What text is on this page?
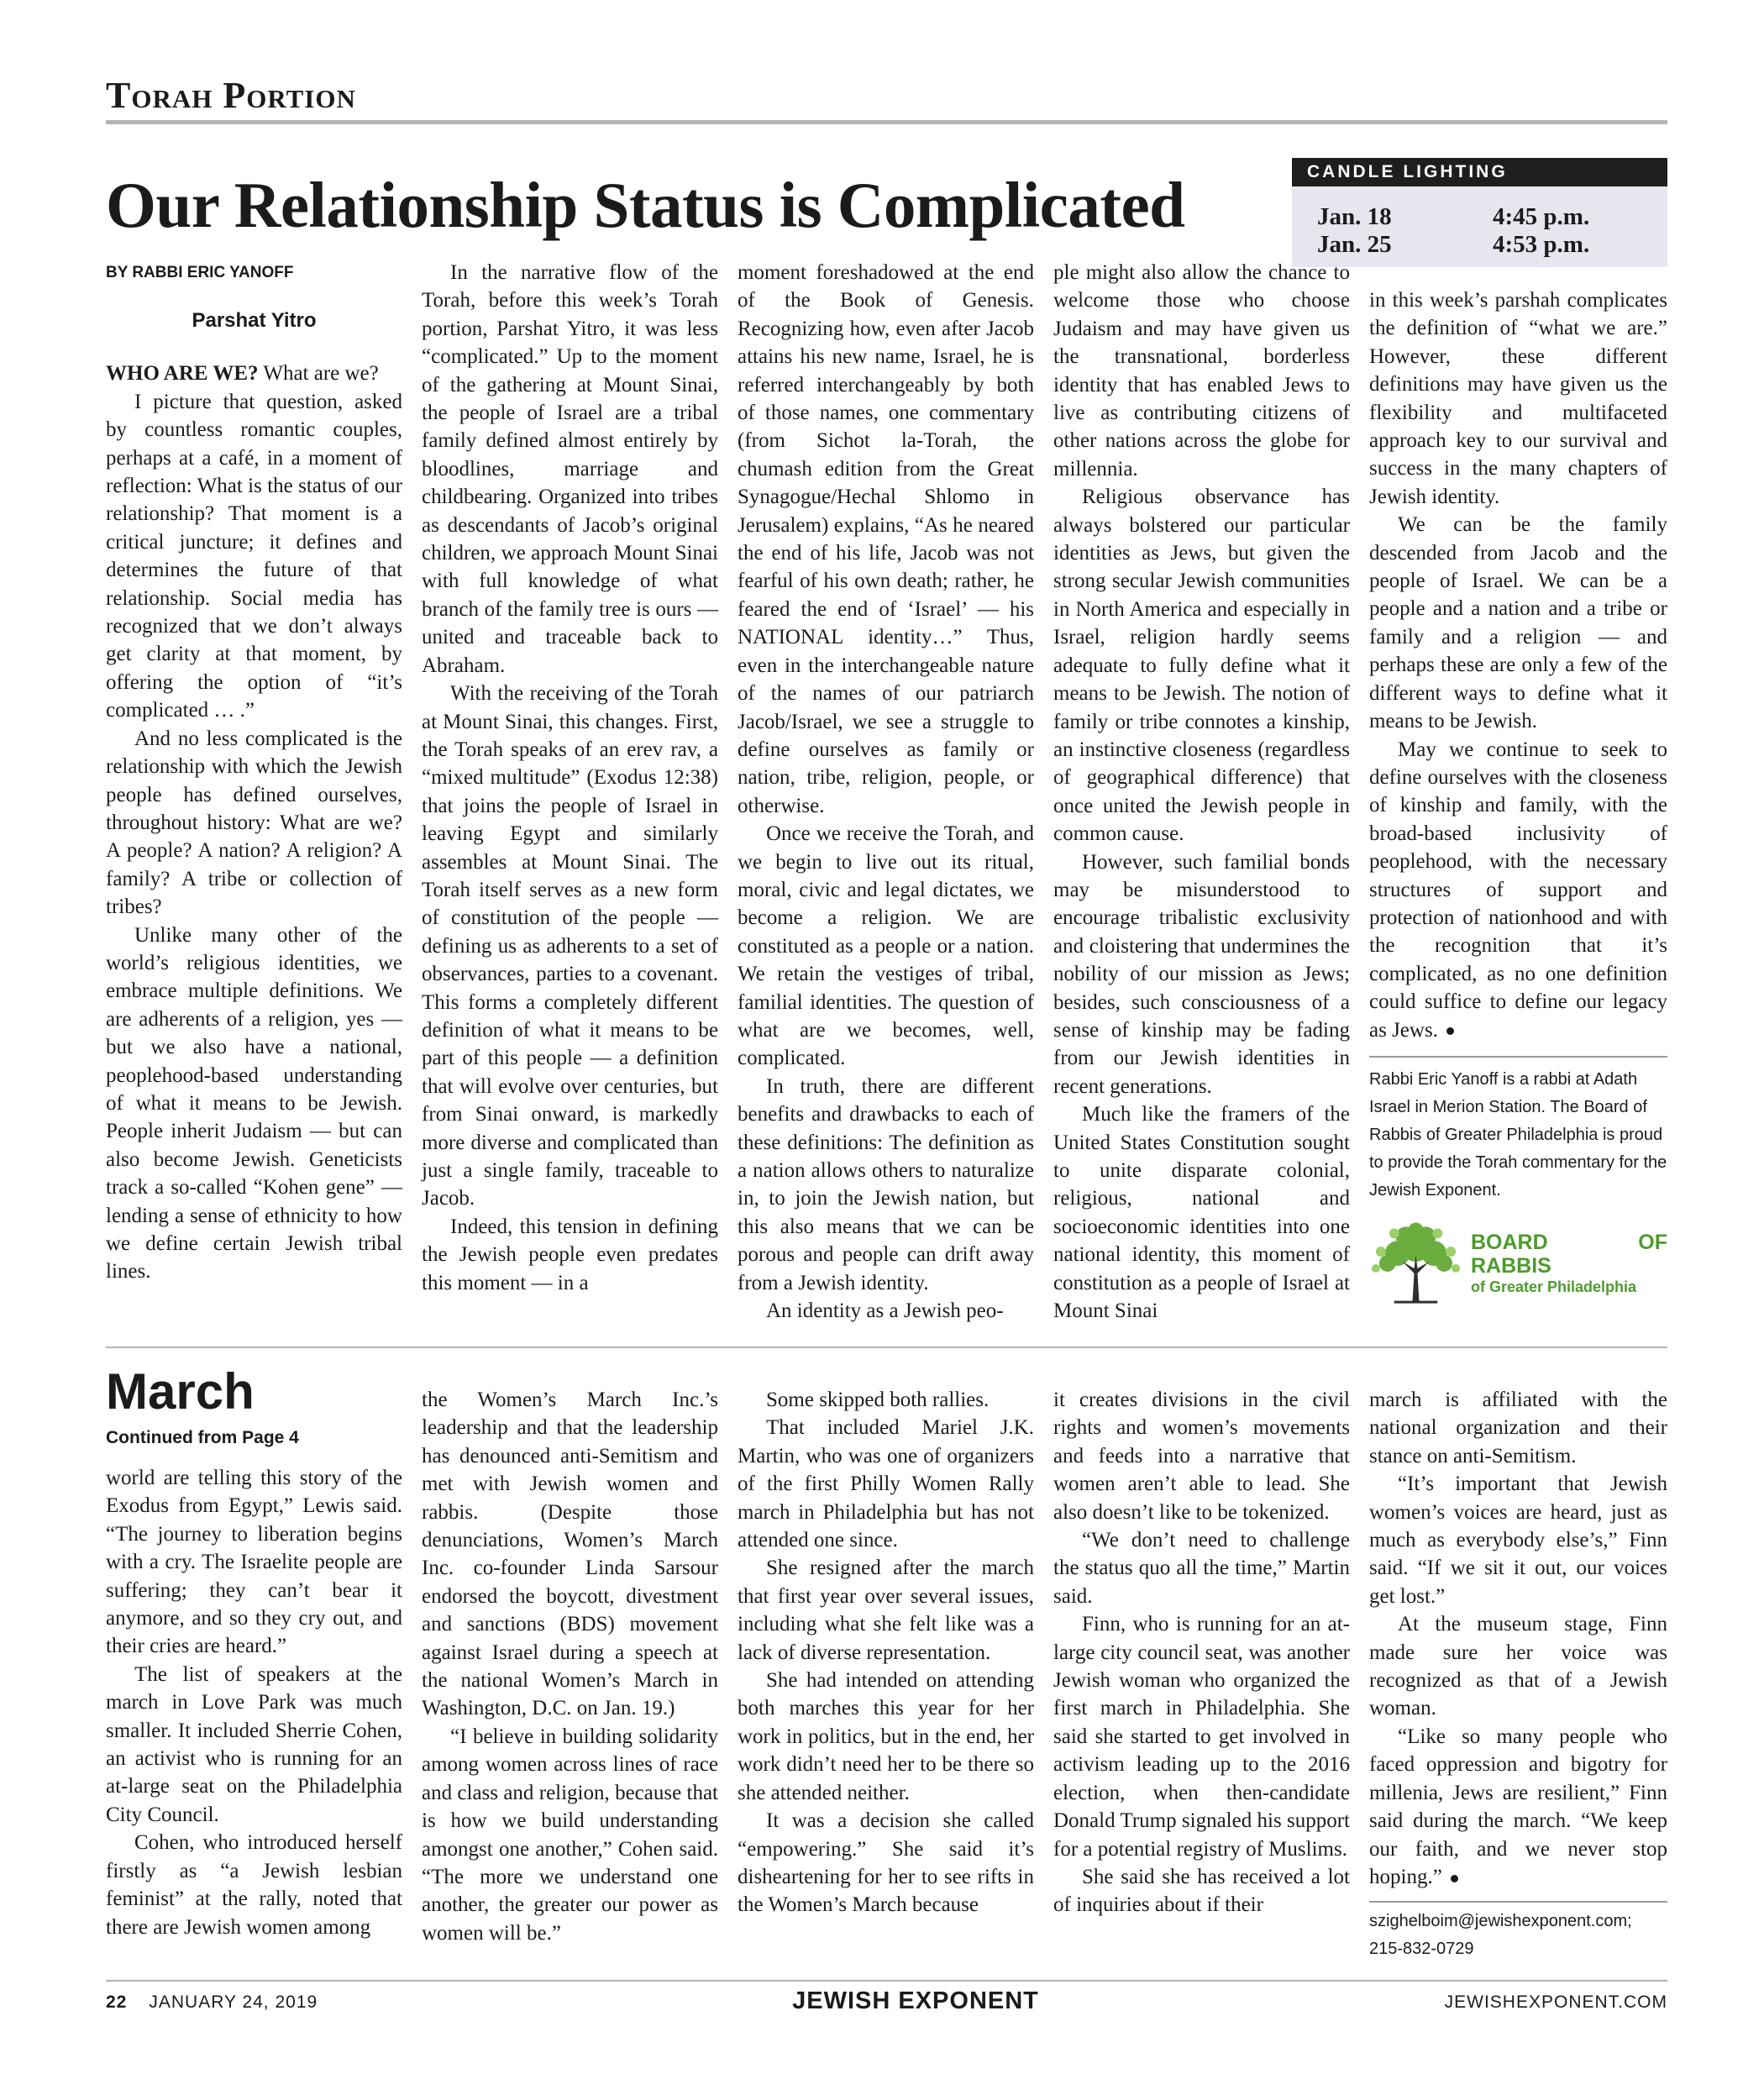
Torah Portion
Our Relationship Status is Complicated	CANDLE LIGHTING
Jan. 18	4:45 p.m.
Jan. 25	4:53 p.m.
BY RABBI ERIC YANOFF
Parshat Yitro

WHO ARE WE? What are we?

I picture that question, asked by countless romantic couples, perhaps at a café, in a moment of reflection: What is the status of our relationship? That moment is a critical juncture; it defines and determines the future of that relationship. Social media has recognized that we don’t always get clarity at that moment, by offering the option of “it’s complicated … .”

And no less complicated is the relationship with which the Jewish people has defined ourselves, throughout history: What are we? A people? A nation? A religion? A family? A tribe or collection of tribes?

Unlike many other of the world’s religious identities, we embrace multiple definitions. We are adherents of a religion, yes — but we also have a national, peoplehood-based understanding of what it means to be Jewish. People inherit Judaism — but can also become Jewish. Geneticists track a so-called “Kohen gene” — lending a sense of ethnicity to how we define certain Jewish tribal lines.

In the narrative flow of the Torah, before this week’s Torah portion, Parshat Yitro, it was less “complicated.” Up to the moment of the gathering at Mount Sinai, the people of Israel are a tribal family defined almost entirely by bloodlines, marriage and childbearing. Organized into tribes as descendants of Jacob’s original children, we approach Mount Sinai with full knowledge of what branch of the family tree is ours — united and traceable back to Abraham.

With the receiving of the Torah at Mount Sinai, this changes. First, the Torah speaks of an erev rav, a “mixed multitude” (Exodus 12:38) that joins the people of Israel in leaving Egypt and similarly assembles at Mount Sinai. The Torah itself serves as a new form of constitution of the people — defining us as adherents to a set of observances, parties to a covenant. This forms a completely different definition of what it means to be part of this people — a definition that will evolve over centuries, but from Sinai onward, is markedly more diverse and complicated than just a single family, traceable to Jacob.

Indeed, this tension in defining the Jewish people even predates this moment — in a

moment foreshadowed at the end of the Book of Genesis. Recognizing how, even after Jacob attains his new name, Israel, he is referred interchangeably by both of those names, one commentary (from Sichot la-Torah, the chumash edition from the Great Synagogue/Hechal Shlomo in Jerusalem) explains, “As he neared the end of his life, Jacob was not fearful of his own death; rather, he feared the end of ‘Israel’ — his NATIONAL identity…” Thus, even in the interchangeable nature of the names of our patriarch Jacob/Israel, we see a struggle to define ourselves as family or nation, tribe, religion, people, or otherwise.

Once we receive the Torah, and we begin to live out its ritual, moral, civic and legal dictates, we become a religion. We are constituted as a people or a nation. We retain the vestiges of tribal, familial identities. The question of what are we becomes, well, complicated.

In truth, there are different benefits and drawbacks to each of these definitions: The definition as a nation allows others to naturalize in, to join the Jewish nation, but this also means that we can be porous and people can drift away from a Jewish identity.

An identity as a Jewish peo-

ple might also allow the chance to welcome those who choose Judaism and may have given us the transnational, borderless identity that has enabled Jews to live as contributing citizens of other nations across the globe for millennia.

Religious observance has always bolstered our particular identities as Jews, but given the strong secular Jewish communities in North America and especially in Israel, religion hardly seems adequate to fully define what it means to be Jewish. The notion of family or tribe connotes a kinship, an instinctive closeness (regardless of geographical difference) that once united the Jewish people in common cause.

However, such familial bonds may be misunderstood to encourage tribalistic exclusivity and cloistering that undermines the nobility of our mission as Jews; besides, such consciousness of a sense of kinship may be fading from our Jewish identities in recent generations.

Much like the framers of the United States Constitution sought to unite disparate colonial, religious, national and socioeconomic identities into one national identity, this moment of constitution as a people of Israel at Mount Sinai

in this week’s parshah complicates the definition of “what we are.” However, these different definitions may have given us the flexibility and multifaceted approach key to our survival and success in the many chapters of Jewish identity.

We can be the family descended from Jacob and the people of Israel. We can be a people and a nation and a tribe or family and a religion — and perhaps these are only a few of the different ways to define what it means to be Jewish.

May we continue to seek to define ourselves with the closeness of kinship and family, with the broad-based inclusivity of peoplehood, with the necessary structures of support and protection of nationhood and with the recognition that it’s complicated, as no one definition could suffice to define our legacy as Jews.

Rabbi Eric Yanoff is a rabbi at Adath Israel in Merion Station. The Board of Rabbis of Greater Philadelphia is proud to provide the Torah commentary for the Jewish Exponent.
BOARD OF RABBIS
of Greater Philadelphia
March
Continued from Page 4

world are telling this story of the Exodus from Egypt,” Lewis said. “The journey to liberation begins with a cry. The Israelite people are suffering; they can’t bear it anymore, and so they cry out, and their cries are heard.”

The list of speakers at the march in Love Park was much smaller. It included Sherrie Cohen, an activist who is running for an at-large seat on the Philadelphia City Council.

Cohen, who introduced herself firstly as “a Jewish lesbian feminist” at the rally, noted that there are Jewish women among

the Women’s March Inc.’s leadership and that the leadership has denounced anti-Semitism and met with Jewish women and rabbis. (Despite those denunciations, Women’s March Inc. co-founder Linda Sarsour endorsed the boycott, divestment and sanctions (BDS) movement against Israel during a speech at the national Women’s March in Washington, D.C. on Jan. 19.)

“I believe in building solidarity among women across lines of race and class and religion, because that is how we build understanding amongst one another,” Cohen said. “The more we understand one another, the greater our power as women will be.”

Some skipped both rallies.

That included Mariel J.K. Martin, who was one of organizers of the first Philly Women Rally march in Philadelphia but has not attended one since.

She resigned after the march that first year over several issues, including what she felt like was a lack of diverse representation.

She had intended on attending both marches this year for her work in politics, but in the end, her work didn’t need her to be there so she attended neither.

It was a decision she called “empowering.” She said it’s disheartening for her to see rifts in the Women’s March because

it creates divisions in the civil rights and women’s movements and feeds into a narrative that women aren’t able to lead. She also doesn’t like to be tokenized.

“We don’t need to challenge the status quo all the time,” Martin said.

Finn, who is running for an at-large city council seat, was another Jewish woman who organized the first march in Philadelphia. She said she started to get involved in activism leading up to the 2016 election, when then-candidate Donald Trump signaled his support for a potential registry of Muslims.

She said she has received a lot of inquiries about if their

march is affiliated with the national organization and their stance on anti-Semitism.

“It’s important that Jewish women’s voices are heard, just as much as everybody else’s,” Finn said. “If we sit it out, our voices get lost.”

At the museum stage, Finn made sure her voice was recognized as that of a Jewish woman.

“Like so many people who faced oppression and bigotry for millenia, Jews are resilient,” Finn said during the march. “We keep our faith, and we never stop hoping.”

szighelboim@jewishexponent.com;
215-832-0729
22 JANUARY 24, 2019	JEWISH EXPONENT	JEWISHEXPONENT.COM
